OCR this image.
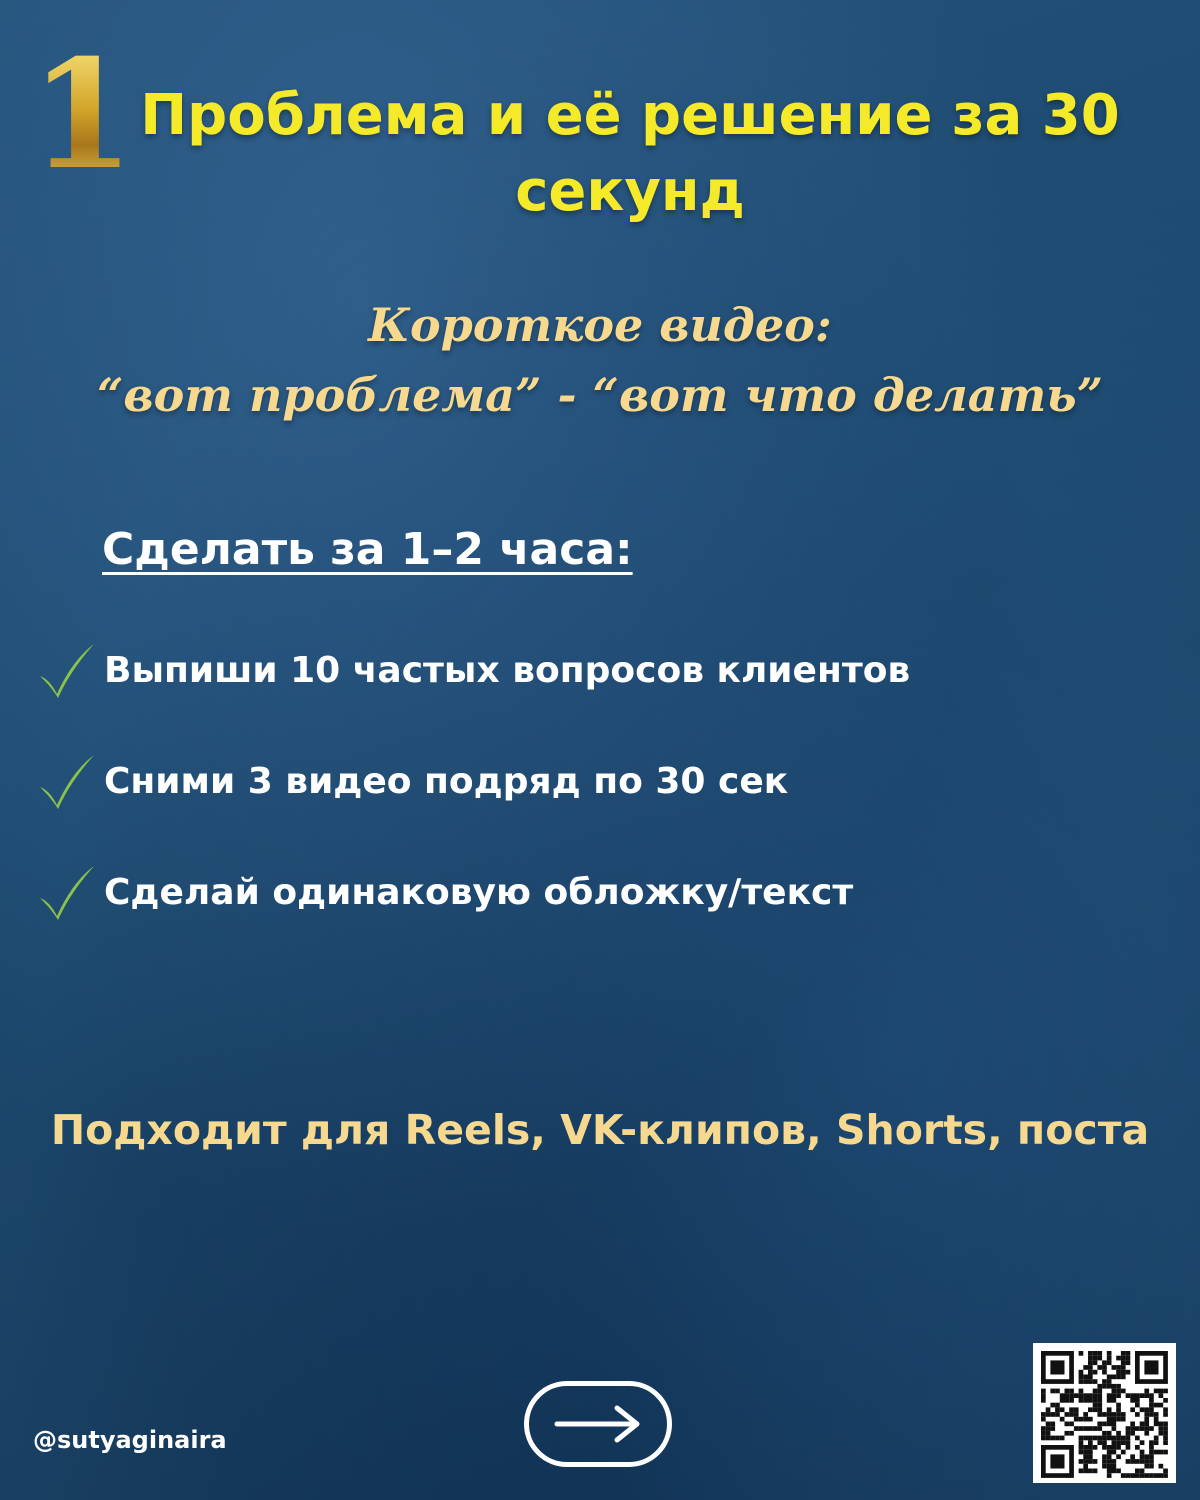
1 Проблема и её решение за 30 секунд
Короткое видео:
“вот проблема” - “вот что делать”
Сделать за 1–2 часа:
Выпиши 10 частых вопросов клиентов
Сними 3 видео подряд по 30 сек
Сделай одинаковую обложку/текст
Подходит для Reels, VK-клипов, Shorts, поста
@sutyaginaira
